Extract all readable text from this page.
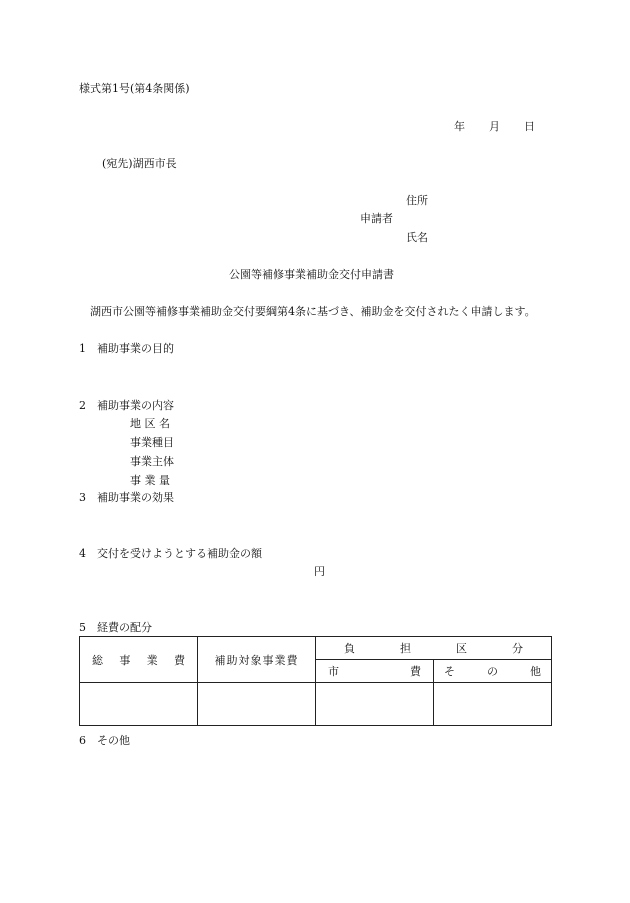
様式第1号(第4条関係)
年 月 日
(宛先)湖西市長
住所
申請者
氏名
公園等補修事業補助金交付申請書
湖西市公園等補修事業補助金交付要綱第4条に基づき、補助金を交付されたく申請します。
1　補助事業の目的
2　補助事業の内容
地 区 名
事業種目
事業主体
事 業 量
3　補助事業の効果
4　交付を受けようとする補助金の額
円
5　経費の配分
総 事 業 費	補助対象事業費	負 担 区 分	

		市 費	そ の 他

6　その他
